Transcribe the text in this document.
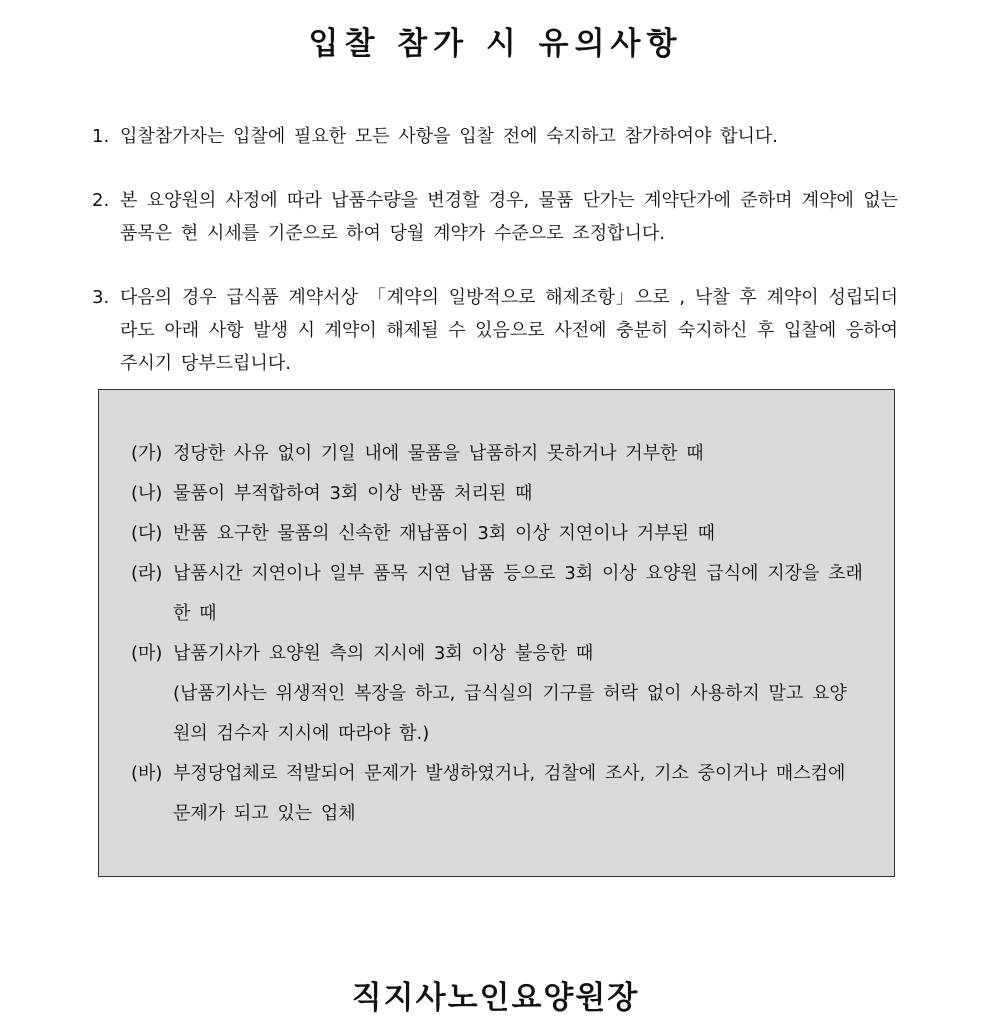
입찰 참가 시 유의사항
1. 입찰참가자는 입찰에 필요한 모든 사항을 입찰 전에 숙지하고 참가하여야 합니다.
2. 본 요양원의 사정에 따라 납품수량을 변경할 경우, 물품 단가는 계약단가에 준하며 계약에 없는 품목은 현 시세를 기준으로 하여 당월 계약가 수준으로 조정합니다.
3. 다음의 경우 급식품 계약서상 「계약의 일방적으로 해제조항」으로 , 낙찰 후 계약이 성립되더라도 아래 사항 발생 시 계약이 해제될 수 있음으로 사전에 충분히 숙지하신 후 입찰에 응하여 주시기 당부드립니다.
(가) 정당한 사유 없이 기일 내에 물품을 납품하지 못하거나 거부한 때
(나) 물품이 부적합하여 3회 이상 반품 처리된 때
(다) 반품 요구한 물품의 신속한 재납품이 3회 이상 지연이나 거부된 때
(라) 납품시간 지연이나 일부 품목 지연 납품 등으로 3회 이상 요양원 급식에 지장을 초래한 때
(마) 납품기사가 요양원 측의 지시에 3회 이상 불응한 때
(납품기사는 위생적인 복장을 하고, 급식실의 기구를 허락 없이 사용하지 말고 요양원의 검수자 지시에 따라야 함.)
(바) 부정당업체로 적발되어 문제가 발생하였거나, 검찰에 조사, 기소 중이거나 매스컴에 문제가 되고 있는 업체
직지사노인요양원장
